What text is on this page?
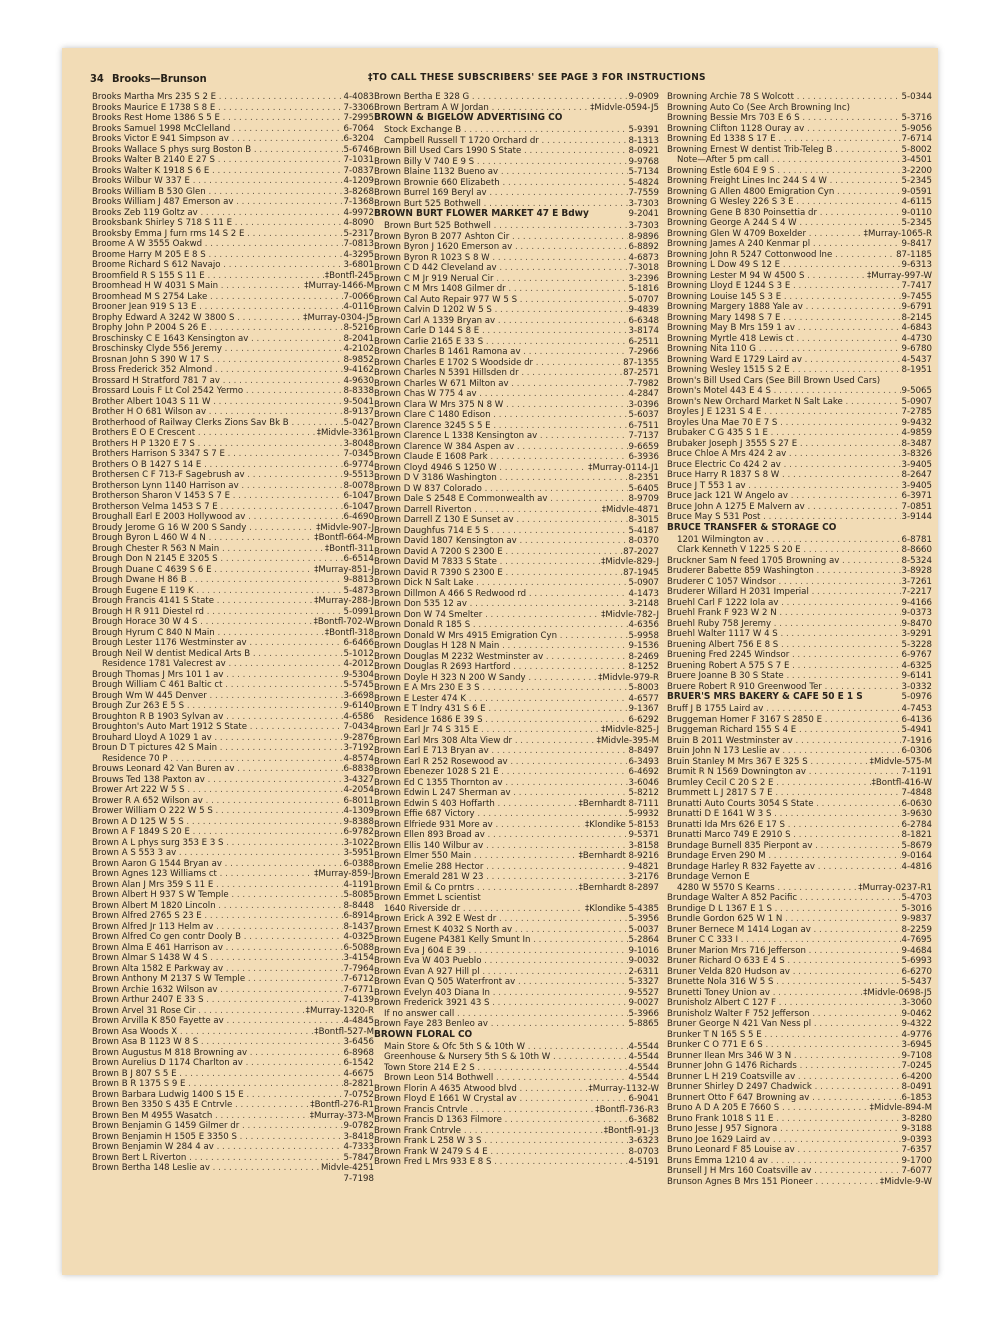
34 Brooks—Brunson	‡TO CALL THESE SUBSCRIBERS' SEE PAGE 3 FOR INSTRUCTIONS
Brooks Martha Mrs 235 S 2 E . . .	4-4083
Brooks Maurice E 1738 S 8 E . . .	7-3306
Brooks Rest Home 1386 S 5 E . . .	7-2995
Brooks Samuel 1998 McClelland . . .	6-7064
Brooks Victor E 941 Simpson av . . .	6-3204
Brooks Wallace S phys surg Boston B . . .	5-6746
Brooks Walter B 2140 E 27 S . . .	7-1031
Brooks Walter K 1918 S 6 E . . .	7-0837
Brooks Wilbur W 337 E . . .	4-1209
Brooks William B 530 Glen . . .	3-8268
Brooks William J 487 Emerson av . . .	7-1368
Brooks Zeb 119 Goltz av . . .	4-9972
Brooksbank Shirley S 718 S 11 E . . .	4-8090
Brooksby Emma J furn rms 14 S 2 E . . .	5-2317
Broome A W 3555 Oakwd . . .	7-0813
Broome Harry M 205 E 8 S . . .	4-3295
Broome Richard S 612 Navajo . . .	3-6801
Broomfield R S 155 S 11 E . . .	‡Bontfl-245
Broomhead H W 4031 S Main . . .	‡Murray-1466-M
Broomhead M S 2754 Lake . . .	7-0066
Brooner Jean 919 S 13 E . . .	4-0116
Brophy Edward A 3242 W 3800 S . . .	‡Murray-0304-J5
Brophy John P 2004 S 26 E . . .	8-5216
Broschinsky C E 1643 Kensington av . . .	8-2041
Broschinsky Clyde 556 Jeremy . . .	4-2102
Brosnan John S 390 W 17 S . . .	8-9852
Bross Frederick 352 Almond . . .	9-4162
Brossard H Stratford 781 7 av . . .	4-9630
Brossard Louis F Lt Col 2542 Yermo . . .	8-8338
Brother Albert 1043 S 11 W . . .	9-5041
Brother H O 681 Wilson av . . .	8-9137
Brotherhood of Railway Clerks Zions Sav Bk B . . .	5-0427
Brothers E O E Crescent . . .	‡Midvle-3361
Brothers H P 1320 E 7 S . . .	3-8048
Brothers Harrison S 3347 S 7 E . . .	7-0345
Brothers O B 1427 S 14 E . . .	6-9774
Brothersen C F 713-F Sagebrush av . . .	9-5513
Brotherson Lynn 1140 Harrison av . . .	8-0078
Brotherson Sharon V 1453 S 7 E . . .	6-1047
Brotherson Velma 1453 S 7 E . . .	6-1047
Broughall Earl E 2003 Hollywood av . . .	6-4690
Broudy Jerome G 16 W 200 S Sandy . . .	‡Midvle-907-J
Brough Byron L 460 W 4 N . . .	‡Bontfl-664-M
Brough Chester R 563 N Main . . .	‡Bontfl-311
Brough Don N 2145 E 3205 S . . .	6-6514
Brough Duane C 4639 S 6 E . . .	‡Murray-851-J
Brough Dwane H 86 B . . .	9-8813
Brough Eugene E 119 K . . .	5-4873
Brough Francis 4141 S State . . .	‡Murray-288-J
Brough H R 911 Diestel rd . . .	5-0991
Brough Horace 30 W 4 S . . .	‡Bontfl-702-W
Brough Hyrum C 840 N Main . . .	‡Bontfl-318
Brough Lester 1176 Westminster av . . .	6-6466
Brough Neil W dentist Medical Arts B . . .	5-1012
Residence 1781 Valecrest av . . .	4-2012
Brough Thomas J Mrs 101 1 av . . .	9-5304
Brough William C 461 Baltic ct . . .	5-5745
Brough Wm W 445 Denver . . .	3-6698
Brough Zur 263 E 5 S . . .	9-6140
Broughton R B 1903 Sylvan av . . .	4-6586
Broughton's Auto Mart 1912 S State . . .	7-0434
Brouhard Lloyd A 1029 1 av . . .	9-2876
Broun D T pictures 42 S Main . . .	3-7192
Residence 70 P . . .	4-8574
Brouws Leonard 42 Van Buren av . . .	6-8838
Brouws Ted 138 Paxton av . . .	3-4327
Brower Art 222 W 5 S . . .	4-2054
Brower R A 652 Wilson av . . .	6-8011
Brower William O 222 W 5 S . . .	4-1309
Brown A D 125 W 5 S . . .	9-8388
Brown A F 1849 S 20 E . . .	6-9782
Brown A L phys surg 353 E 3 S . . .	3-1022
Brown A S 553 3 av . . .	3-5951
Brown Aaron G 1544 Bryan av . . .	6-0388
Brown Agnes 123 Williams ct . . .	‡Murray-859-J
Brown Alan J Mrs 359 S 11 E . . .	4-1191
Brown Albert H 937 S W Temple . . .	5-8085
Brown Albert M 1820 Lincoln . . .	8-8448
Brown Alfred 2765 S 23 E . . .	6-8914
Brown Alfred Jr 113 Helm av . . .	8-1437
Brown Alfred Co gen contr Dooly B . . .	4-0325
Brown Alma E 461 Harrison av . . .	6-5088
Brown Almar S 1438 W 4 S . . .	3-4154
Brown Alta 1582 E Parkway av . . .	7-7964
Brown Anthony M 2137 S W Temple . . .	7-6712
Brown Archie 1632 Wilson av . . .	7-6771
Brown Arthur 2407 E 33 S . . .	7-4139
Brown Arvel 31 Rose Cir . . .	‡Murray-1320-R
Brown Arvilla K 850 Fayette av . . .	4-4845
Brown Asa Woods X . . .	‡Bontfl-527-M
Brown Asa B 1123 W 8 S . . .	3-6456
Brown Augustus M 818 Browning av . . .	6-8968
Brown Aurelius D 1174 Charlton av . . .	6-1542
Brown B J 807 S 5 E . . .	4-6675
Brown B R 1375 S 9 E . . .	8-2821
Brown Barbara Ludwig 1400 S 15 E . . .	7-0752
Brown Ben 3350 S 435 E Cntrvle . . .	‡Bontfl-276-R1
Brown Ben M 4955 Wasatch . . .	‡Murray-373-M
Brown Benjamin G 1459 Gilmer dr . . .	9-0782
Brown Benjamin H 1505 E 3350 S . . .	3-8418
Brown Benjamin W 284 4 av . . .	4-7333
Brown Bert L Riverton . . .	5-7847
Brown Bertha 148 Leslie av . . .	Midvle-4251
7-7198
Brown Bertha E 328 G . . .	9-0909
Brown Bertram A W Jordan . . .	‡Midvle-0594-J5
BROWN & BIGELOW ADVERTISING CO
Stock Exchange B . . .	5-9391
Campbell Russell T 1720 Orchard dr . . .	8-1313
Brown Bill Used Cars 1990 S State . . .	8-0921
Brown Billy V 740 E 9 S . . .	9-9768
Brown Blaine 1132 Bueno av . . .	5-7134
Brown Brownie 660 Elizabeth . . .	5-4824
Brown Burrel 169 Beryl av . . .	7-7559
Brown Burt 525 Bothwell . . .	3-7303
BROWN BURT FLOWER MARKET 47 E Bdwy	9-2041
Brown Burt 525 Bothwell . . .	3-7303
Brown Byron B 2077 Ashton Cir . . .	8-9896
Brown Byron J 1620 Emerson av . . .	6-8892
Brown Byron R 1023 S 8 W . . .	4-6873
Brown C D 442 Cleveland av . . .	7-3018
Brown C M Jr 919 Nerual Cir . . .	3-2396
Brown C M Mrs 1408 Gilmer dr . . .	5-1816
Brown Cal Auto Repair 977 W 5 S . . .	5-0707
Brown Calvin D 1202 W 5 S . . .	9-4839
Brown Carl A 1339 Bryan av . . .	6-6348
Brown Carle D 144 S 8 E . . .	3-8174
Brown Carlie 2165 E 33 S . . .	6-2511
Brown Charles B 1461 Ramona av . . .	7-2966
Brown Charles E 1702 S Woodside dr . . .	87-1355
Brown Charles N 5391 Hillsden dr . . .	87-2571
Brown Charles W 671 Milton av . . .	7-7982
Brown Chas W 775 4 av . . .	4-2847
Brown Clara W Mrs 375 N 8 W . . .	3-0396
Brown Clare C 1480 Edison . . .	5-6037
Brown Clarence 3245 S 5 E . . .	6-7511
Brown Clarence L 1338 Kensington av . . .	7-7137
Brown Clarence W 384 Aspen av . . .	9-6659
Brown Claude E 1608 Park . . .	6-3936
Brown Cloyd 4946 S 1250 W . . .	‡Murray-0114-J1
Brown D V 3186 Washington . . .	8-2351
Brown D W 837 Colorado . . .	5-6405
Brown Dale S 2548 E Commonwealth av . . .	8-9709
Brown Darrell Riverton . . .	‡Midvle-4871
Brown Darrell Z 130 E Sunset av . . .	8-3015
Brown Daughfus 714 E 5 S . . .	5-4187
Brown David 1807 Kensington av . . .	8-0370
Brown David A 7200 S 2300 E . . .	87-2027
Brown David M 7833 S State . . .	‡Midvle-829-J
Brown David R 7390 S 2300 E . . .	87-1945
Brown Dick N Salt Lake . . .	5-0907
Brown Dillmon A 466 S Redwood rd . . .	4-1473
Brown Don 535 12 av . . .	3-2148
Brown Don W 74 Smelter . . .	‡Midvle-782-J
Brown Donald R 185 S . . .	4-6356
Brown Donald W Mrs 4915 Emigration Cyn . . .	5-9958
Brown Douglas H 128 N Main . . .	9-1536
Brown Douglas M 2232 Westminster av . . .	8-2469
Brown Douglas R 2693 Hartford . . .	8-1252
Brown Doyle H 323 N 200 W Sandy . . .	‡Midvle-979-R
Brown E A Mrs 230 E 3 S . . .	5-8003
Brown E Lester 474 K . . .	4-6577
Brown E T Indry 431 S 6 E . . .	9-1367
Residence 1686 E 39 S . . .	6-6292
Brown Earl Jr 74 S 315 E . . .	‡Midvle-825-J
Brown Earl Mrs 308 Alta View dr . . .	‡Midvle-395-M
Brown Earl E 713 Bryan av . . .	8-8497
Brown Earl R 252 Rosewood av . . .	6-3493
Brown Ebenezer 1028 S 21 E . . .	6-4692
Brown Ed C 1355 Thornton av . . .	3-6046
Brown Edwin L 247 Sherman av . . .	5-8212
Brown Edwin S 403 Hoffarth . . .	‡Bernhardt 8-7111
Brown Effie 687 Victory . . .	5-9932
Brown Elfriede 931 More av . . .	‡Klondike 5-8153
Brown Ellen 893 Broad av . . .	9-5371
Brown Ellis 140 Wilbur av . . .	3-8158
Brown Elmer 550 Main . . .	‡Bernhardt 8-9216
Brown Emelie 288 Hector . . .	9-4821
Brown Emerald 281 W 23 . . .	3-2176
Brown Emil & Co prntrs . . .	‡Bernhardt 8-2897
Brown Emmet L scientist
1640 Riverside dr . . .	‡Klondike 5-4385
Brown Erick A 392 E West dr . . .	5-3956
Brown Ernest K 4032 S North av . . .	5-0037
Brown Eugene P4381 Kelly Smunt In . . .	5-2864
Brown Eva J 604 E 39 . . .	9-1016
Brown Eva W 403 Pueblo . . .	9-0032
Brown Evan A 927 Hill pl . . .	2-6311
Brown Evan Q 505 Waterfront av . . .	5-3327
Brown Evelyn 403 Diana In . . .	9-5527
Brown Frederick 3921 43 S . . .	9-0027
If no answer call . . .	5-3966
Brown Faye 283 Benleo av . . .	5-8865
BROWN FLORAL CO
Main Store & Ofc 5th S & 10th W . . .	4-5544
Greenhouse & Nursery 5th S & 10th W . . .	4-5544
Town Store 214 E 2 S . . .	4-5544
Brown Leon 514 Bothwell . . .	4-5544
Brown Florin A 4635 Atwood blvd . . .	‡Murray-1132-W
Brown Floyd E 1661 W Crystal av . . .	6-9041
Brown Francis Cntrvle . . .	‡Bontfl-736-R3
Brown Francis D 1363 Filmore . . .	6-3682
Brown Frank Cntrvle . . .	‡Bontfl-91-J3
Brown Frank L 258 W 3 S . . .	3-6323
Brown Frank W 2479 S 4 E . . .	8-0703
Brown Fred L Mrs 933 E 8 S . . .	4-5191
Browning Archie 78 S Wolcott . . .	5-0344
Browning Auto Co (See Arch Browning Inc)
Browning Bessie Mrs 703 E 6 S . . .	5-3716
Browning Clifton 1128 Ouray av . . .	5-9056
Browning Ed 1338 S 17 E . . .	7-6714
Browning Ernest W dentist Trib-Teleg B . . .	5-8002
Note—After 5 pm call . . .	3-4501
Browning Estle 604 E 9 S . . .	3-2200
Browning Freight Lines Inc 244 S 4 W . . .	5-2345
Browning G Allen 4800 Emigration Cyn . . .	9-0591
Browning G Wesley 226 S 3 E . . .	4-6115
Browning Gene B 830 Poinsettia dr . . .	9-0110
Browning George A 244 S 4 W . . .	5-2345
Browning Glen W 4709 Boxelder . . .	‡Murray-1065-R
Browning James A 240 Kenmar pl . . .	9-8417
Browning John R 5247 Cottonwood lne . . .	87-1185
Browning L Dow 49 S 12 E . . .	9-6313
Browning Lester M 94 W 4500 S . . .	‡Murray-997-W
Browning Lloyd E 1244 S 3 E . . .	7-7417
Browning Louise 145 S 3 E . . .	9-7455
Browning Margery 1888 Yale av . . .	9-6791
Browning Mary 1498 S 7 E . . .	8-2145
Browning May B Mrs 159 1 av . . .	4-6843
Browning Myrtle 418 Lewis ct . . .	4-4730
Browning Nita 110 G . . .	9-6780
Browning Ward E 1729 Laird av . . .	4-5437
Browning Wesley 1515 S 2 E . . .	8-1951
Brown's Bill Used Cars (See Bill Brown Used Cars)
Brown's Motel 443 E 4 S . . .	9-5065
Brown's New Orchard Market N Salt Lake . . .	5-0907
Broyles J E 1231 S 4 E . . .	7-2785
Broyles Una Mae 70 E 7 S . . .	9-9432
Brubaker C G 435 S 1 E . . .	4-9859
Brubaker Joseph J 3555 S 27 E . . .	8-3487
Bruce Chloe A Mrs 424 2 av . . .	3-8326
Bruce Electric Co 424 2 av . . .	3-9405
Bruce Harry R 1837 S 8 W . . .	8-2647
Bruce J T 553 1 av . . .	3-9405
Bruce Jack 121 W Angelo av . . .	6-3971
Bruce John A 1275 E Malvern av . . .	7-0851
Bruce May S 531 Post . . .	3-9144
BRUCE TRANSFER & STORAGE CO
1201 Wilmington av . . .	6-8781
Clark Kenneth V 1225 S 20 E . . .	8-8660
Bruckner Sam N feed 1705 Browning av . . .	8-5324
Bruderer Babette 859 Washington . . .	3-8928
Bruderer C 1057 Windsor . . .	3-7261
Bruderer Willard H 2031 Imperial . . .	7-2217
Bruehl Carl F 1222 Iola av . . .	9-4166
Bruehl Frank F 923 W 2 N . . .	9-0373
Bruehl Ruby 758 Jeremy . . .	9-8470
Bruehl Walter 1117 W 4 S . . .	3-9291
Bruening Albert 756 E 8 S . . .	5-3228
Bruening Fred 2245 Windsor . . .	6-9767
Bruening Robert A 575 S 7 E . . .	4-6325
Bruere Joanne B 30 S State . . .	9-6141
Bruere Robert R 910 Greenwood Ter . . .	3-0332
BRUER'S MRS BAKERY & CAFE 50 E 1 S	5-0976
Bruff J B 1755 Laird av . . .	4-7453
Bruggeman Homer F 3167 S 2850 E . . .	6-4136
Bruggeman Richard 155 S 4 E . . .	5-4941
Bruin B 2011 Westminster av . . .	7-1916
Bruin John N 173 Leslie av . . .	6-0306
Bruin Stanley M Mrs 367 E 325 S . . .	‡Midvle-575-M
Brumit R N 1569 Downington av . . .	7-1191
Brumley Cecil C 20 S 2 E . . .	‡Bontfl-416-W
Brummett L J 2817 S 7 E . . .	7-4848
Brunatti Auto Courts 3054 S State . . .	6-0630
Brunatti D E 1641 W 3 S . . .	3-9630
Brunatti Ida Mrs 626 E 17 S . . .	6-2784
Brunatti Marco 749 E 2910 S . . .	8-1821
Brundage Burnell 835 Pierpont av . . .	5-8679
Brundage Erven 290 M . . .	9-0164
Brundage Harley R 832 Fayette av . . .	4-4816
Brundage Vernon E
4280 W 5570 S Kearns . . .	‡Murray-0237-R1
Brundage Walter A 852 Pacific . . .	5-4703
Brundige D L 1367 E 1 S . . .	5-3016
Brundle Gordon 625 W 1 N . . .	9-9837
Bruner Bernece M 1414 Logan av . . .	8-2259
Bruner C C 333 I . . .	4-7695
Bruner Marion Mrs 716 Jefferson . . .	9-4684
Bruner Richard O 633 E 4 S . . .	5-6993
Bruner Velda 820 Hudson av . . .	6-6270
Brunette Nola 316 W 5 S . . .	5-5437
Brunetti Toney Union av . . .	‡Midvle-0698-J5
Brunisholz Albert C 127 F . . .	3-3060
Brunisholz Walter F 752 Jefferson . . .	9-0462
Bruner George N 421 Van Ness pl . . .	9-4322
Brunker T N 165 S 5 E . . .	4-9776
Brunker C O 771 E 6 S . . .	3-6945
Brunner Ilean Mrs 346 W 3 N . . .	9-7108
Brunner John G 1476 Richards . . .	7-0245
Brunner L H 219 Coatsville av . . .	6-4200
Brunner Shirley D 2497 Chadwick . . .	8-0491
Brunnert Otto F 647 Browning av . . .	6-1853
Bruno A D A 205 E 7660 S . . .	‡Midvle-894-M
Bruno Frank 1018 S 11 E . . .	3-8280
Bruno Jesse J 957 Signora . . .	9-3188
Bruno Joe 1629 Laird av . . .	9-0393
Bruno Leonard F 85 Louise av . . .	7-6357
Bruns Emma 1210 4 av . . .	9-1700
Brunsell J H Mrs 160 Coatsville av . . .	7-6077
Brunson Agnes B Mrs 151 Pioneer . . .	‡Midvle-9-W
